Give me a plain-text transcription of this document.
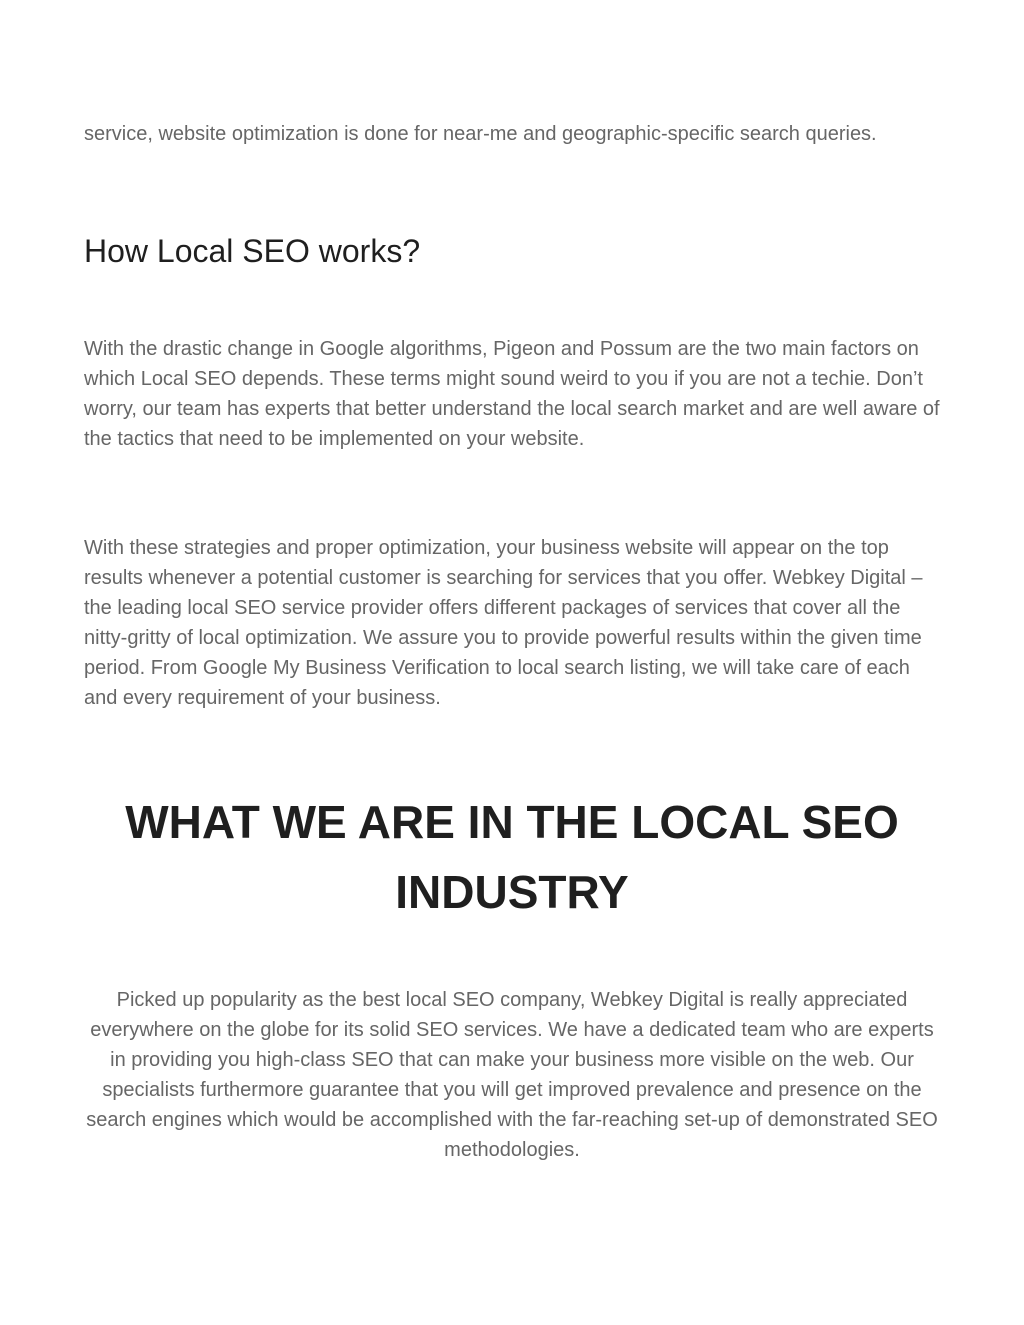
service, website optimization is done for near-me and geographic-specific search queries.

How Local SEO works?

With the drastic change in Google algorithms, Pigeon and Possum are the two main factors on which Local SEO depends. These terms might sound weird to you if you are not a techie. Don’t worry, our team has experts that better understand the local search market and are well aware of the tactics that need to be implemented on your website.

With these strategies and proper optimization, your business website will appear on the top results whenever a potential customer is searching for services that you offer. Webkey Digital – the leading local SEO service provider offers different packages of services that cover all the nitty-gritty of local optimization. We assure you to provide powerful results within the given time period. From Google My Business Verification to local search listing, we will take care of each and every requirement of your business.

WHAT WE ARE IN THE LOCAL SEO INDUSTRY

Picked up popularity as the best local SEO company, Webkey Digital is really appreciated everywhere on the globe for its solid SEO services. We have a dedicated team who are experts in providing you high-class SEO that can make your business more visible on the web. Our specialists furthermore guarantee that you will get improved prevalence and presence on the search engines which would be accomplished with the far-reaching set-up of demonstrated SEO methodologies.
